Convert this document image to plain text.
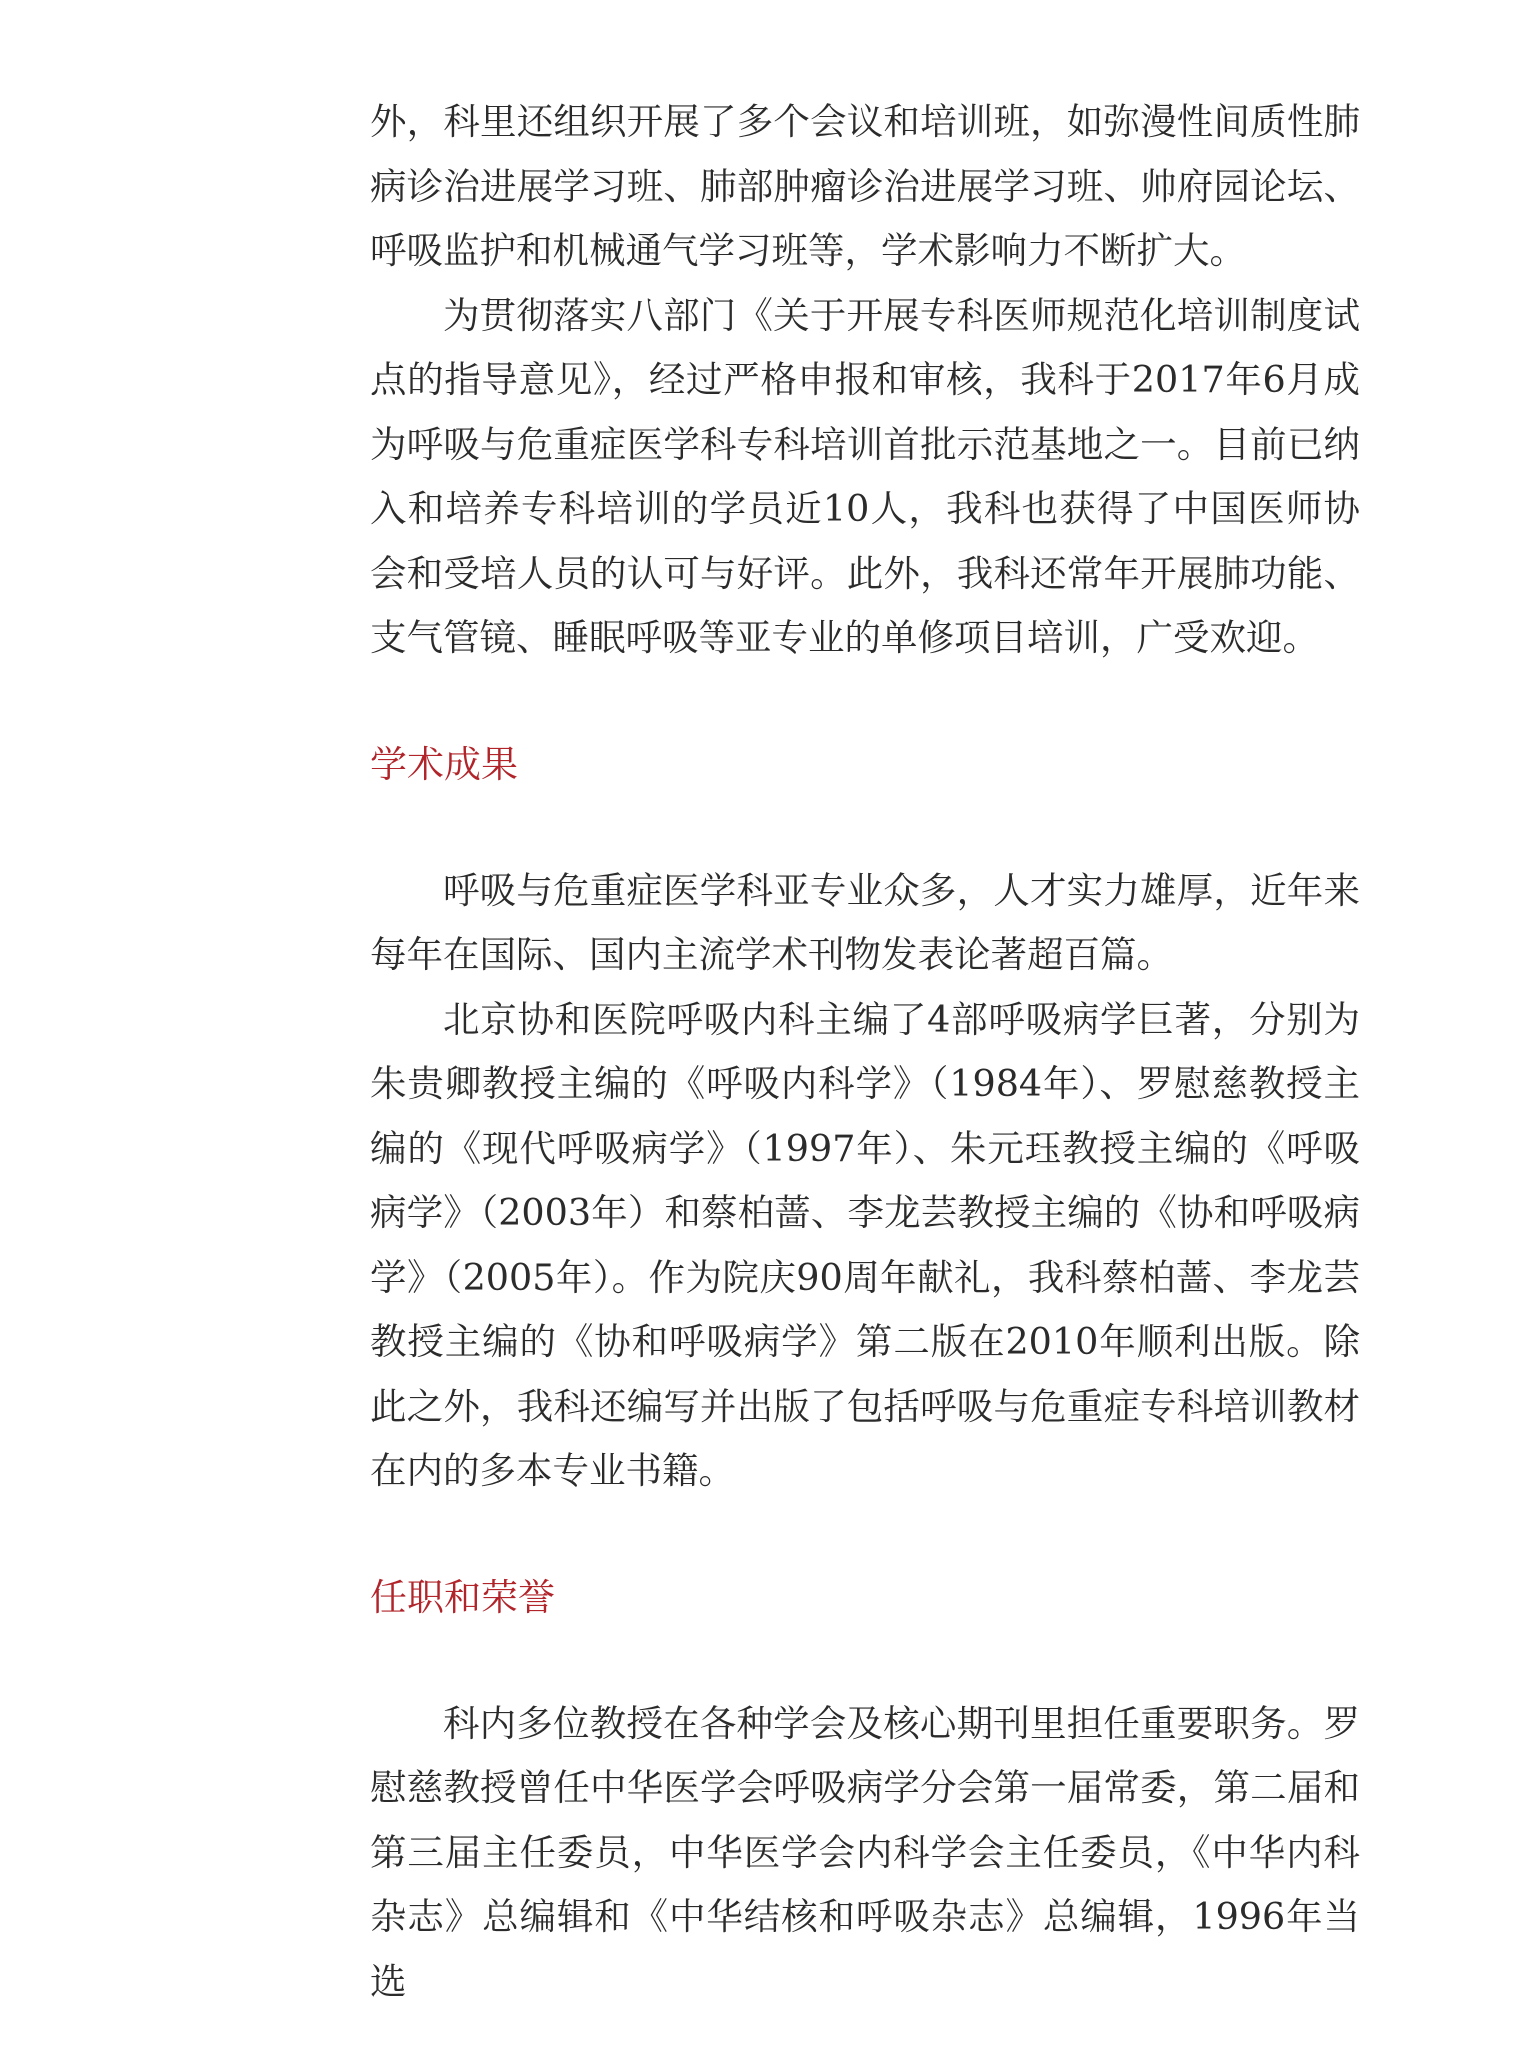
外，科里还组织开展了多个会议和培训班，如弥漫性间质性肺病诊治进展学习班、肺部肿瘤诊治进展学习班、帅府园论坛、呼吸监护和机械通气学习班等，学术影响力不断扩大。

为贯彻落实八部门《关于开展专科医师规范化培训制度试点的指导意见》，经过严格申报和审核，我科于2017年6月成为呼吸与危重症医学科专科培训首批示范基地之一。目前已纳入和培养专科培训的学员近10人，我科也获得了中国医师协会和受培人员的认可与好评。此外，我科还常年开展肺功能、支气管镜、睡眠呼吸等亚专业的单修项目培训，广受欢迎。

学术成果

呼吸与危重症医学科亚专业众多，人才实力雄厚，近年来每年在国际、国内主流学术刊物发表论著超百篇。

北京协和医院呼吸内科主编了4部呼吸病学巨著，分别为朱贵卿教授主编的《呼吸内科学》（1984年）、罗慰慈教授主编的《现代呼吸病学》（1997年）、朱元珏教授主编的《呼吸病学》（2003年）和蔡柏蔷、李龙芸教授主编的《协和呼吸病学》（2005年）。作为院庆90周年献礼，我科蔡柏蔷、李龙芸教授主编的《协和呼吸病学》第二版在2010年顺利出版。除此之外，我科还编写并出版了包括呼吸与危重症专科培训教材在内的多本专业书籍。

任职和荣誉

科内多位教授在各种学会及核心期刊里担任重要职务。罗慰慈教授曾任中华医学会呼吸病学分会第一届常委，第二届和第三届主任委员，中华医学会内科学会主任委员，《中华内科杂志》总编辑和《中华结核和呼吸杂志》总编辑，1996年当选
